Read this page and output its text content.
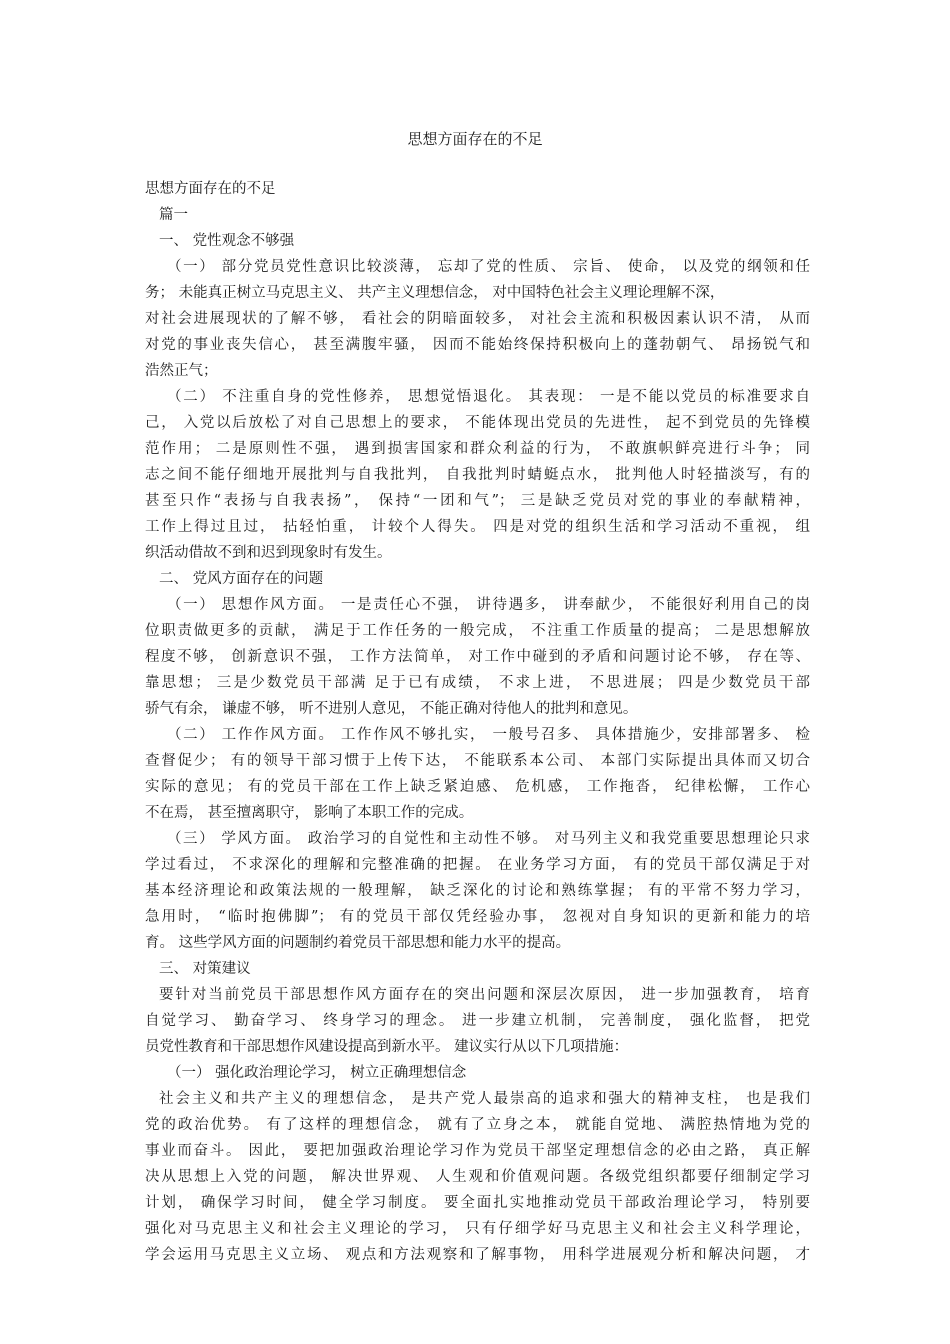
思想方面存在的不足
思想方面存在的不足
篇一
一、 党性观念不够强
（一） 部分党员党性意识比较淡薄， 忘却了党的性质、 宗旨、 使命， 以及党的纲领和任
务； 未能真正树立马克思主义、 共产主义理想信念， 对中国特色社会主义理论理解不深，
对社会进展现状的了解不够， 看社会的阴暗面较多， 对社会主流和积极因素认识不清， 从而
对党的事业丧失信心， 甚至满腹牢骚， 因而不能始终保持积极向上的蓬勃朝气、 昂扬锐气和
浩然正气；
（二） 不注重自身的党性修养， 思想觉悟退化。 其表现： 一是不能以党员的标准要求自
己， 入党以后放松了对自己思想上的要求， 不能体现出党员的先进性， 起不到党员的先锋模
范作用； 二是原则性不强， 遇到损害国家和群众利益的行为， 不敢旗帜鲜亮进行斗争； 同
志之间不能仔细地开展批判与自我批判， 自我批判时蜻蜓点水， 批判他人时轻描淡写，有的
甚至只作“表扬与自我表扬”， 保持“一团和气”； 三是缺乏党员对党的事业的奉献精神，
工作上得过且过， 拈轻怕重， 计较个人得失。 四是对党的组织生活和学习活动不重视， 组
织活动借故不到和迟到现象时有发生。
二、 党风方面存在的问题
（一） 思想作风方面。 一是责任心不强， 讲待遇多， 讲奉献少， 不能很好利用自己的岗
位职责做更多的贡献， 满足于工作任务的一般完成， 不注重工作质量的提高； 二是思想解放
程度不够， 创新意识不强， 工作方法简单， 对工作中碰到的矛盾和问题讨论不够， 存在等、
靠思想； 三是少数党员干部满 足于已有成绩， 不求上进， 不思进展； 四是少数党员干部
骄气有余， 谦虚不够， 听不进别人意见， 不能正确对待他人的批判和意见。
（二） 工作作风方面。 工作作风不够扎实， 一般号召多、 具体措施少，安排部署多、 检
查督促少； 有的领导干部习惯于上传下达， 不能联系本公司、 本部门实际提出具体而又切合
实际的意见； 有的党员干部在工作上缺乏紧迫感、 危机感， 工作拖沓， 纪律松懈， 工作心
不在焉， 甚至擅离职守， 影响了本职工作的完成。
（三） 学风方面。 政治学习的自觉性和主动性不够。 对马列主义和我党重要思想理论只求
学过看过， 不求深化的理解和完整准确的把握。 在业务学习方面， 有的党员干部仅满足于对
基本经济理论和政策法规的一般理解， 缺乏深化的讨论和熟练掌握； 有的平常不努力学习，
急用时， “临时抱佛脚”； 有的党员干部仅凭经验办事， 忽视对自身知识的更新和能力的培
育。 这些学风方面的问题制约着党员干部思想和能力水平的提高。
三、 对策建议
要针对当前党员干部思想作风方面存在的突出问题和深层次原因， 进一步加强教育， 培育
自觉学习、 勤奋学习、 终身学习的理念。 进一步建立机制， 完善制度， 强化监督， 把党
员党性教育和干部思想作风建设提高到新水平。 建议实行从以下几项措施：
（一） 强化政治理论学习， 树立正确理想信念
社会主义和共产主义的理想信念， 是共产党人最崇高的追求和强大的精神支柱， 也是我们
党的政治优势。 有了这样的理想信念， 就有了立身之本， 就能自觉地、 满腔热情地为党的
事业而奋斗。 因此， 要把加强政治理论学习作为党员干部坚定理想信念的必由之路， 真正解
决从思想上入党的问题， 解决世界观、 人生观和价值观问题。各级党组织都要仔细制定学习
计划， 确保学习时间， 健全学习制度。 要全面扎实地推动党员干部政治理论学习， 特别要
强化对马克思主义和社会主义理论的学习， 只有仔细学好马克思主义和社会主义科学理论，
学会运用马克思主义立场、 观点和方法观察和了解事物， 用科学进展观分析和解决问题， 才
